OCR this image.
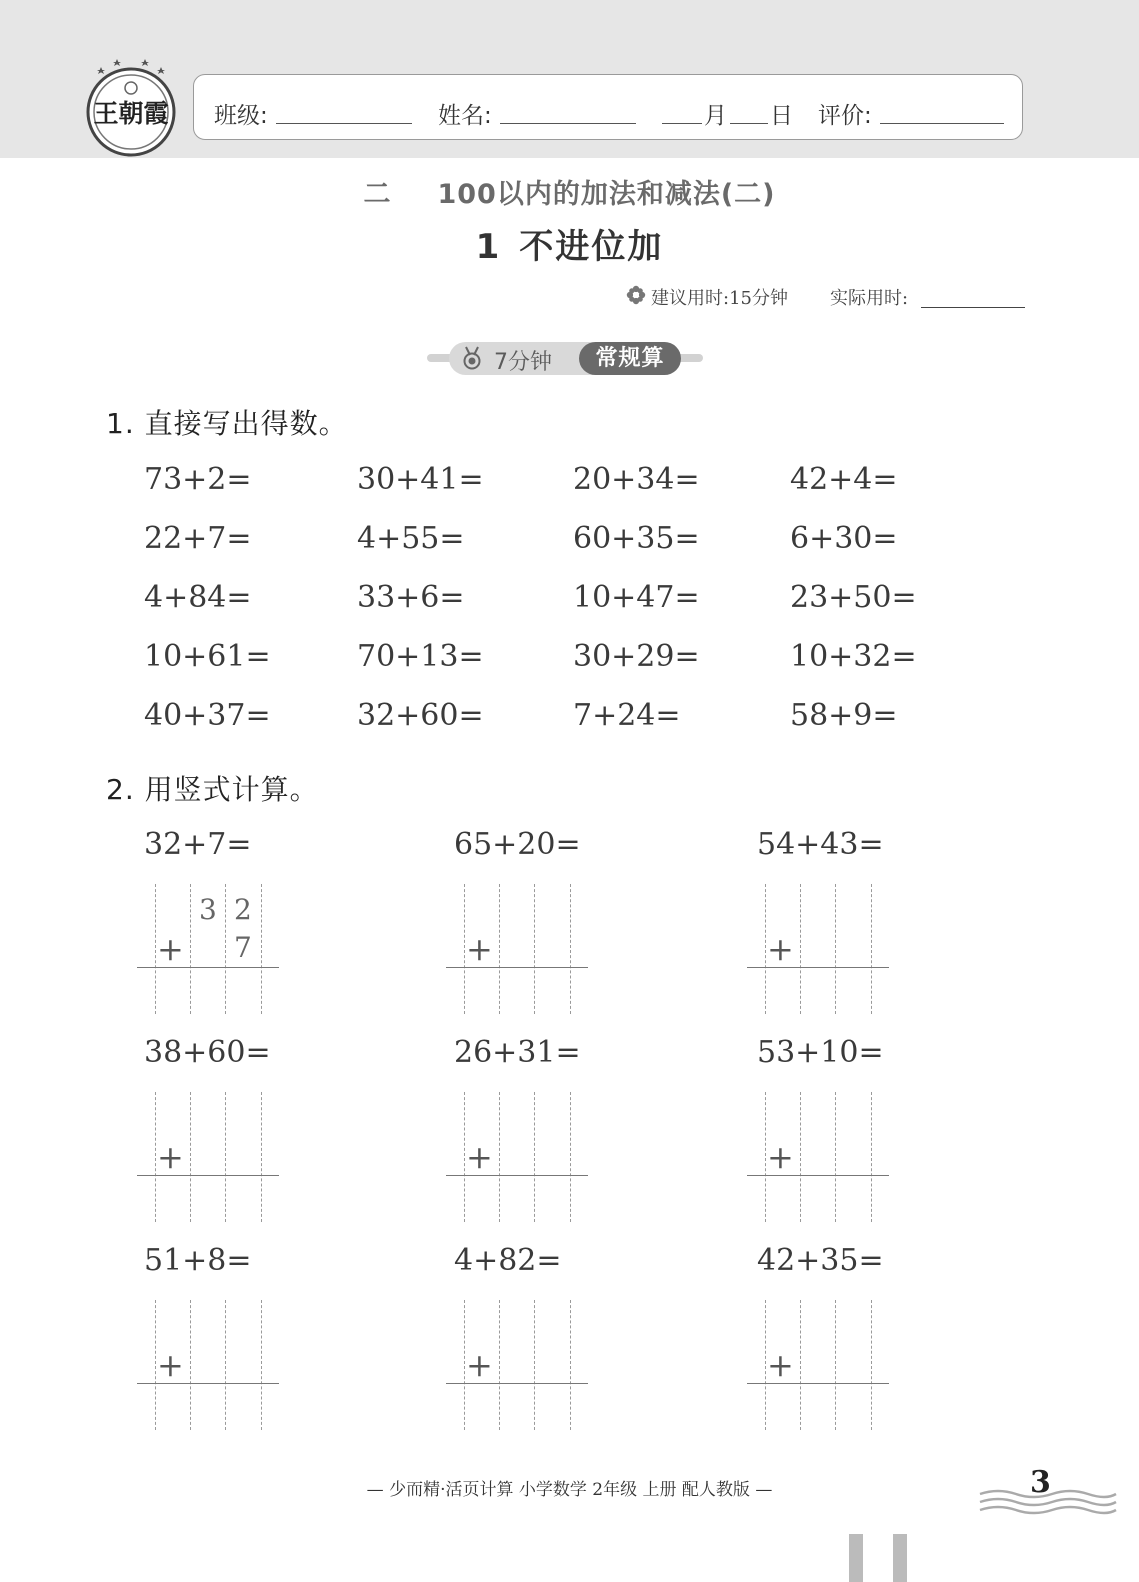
王朝霞 班级:	姓名:	月 日 评价:
二 100以内的加法和减法(二)
1 不进位加
建议用时:15分钟 实际用时:
7分钟	常规算
1. 直接写出得数。
73+2=	30+41=	20+34=	42+4=
22+7=	4+55=	60+35=	6+30=
4+84=	33+6=	10+47=	23+50=
10+61=	70+13=	30+29=	10+32=
40+37=	32+60=	7+24=	58+9=
2. 用竖式计算。
32+7=	65+20=	54+43=
38+60=	26+31=	53+10=
51+8=	4+82=	42+35=
+
3 2
7	+	+
+	+	+
+	+	+
— 少而精·活页计算 小学数学 2年级 上册 配人教版 —	3
